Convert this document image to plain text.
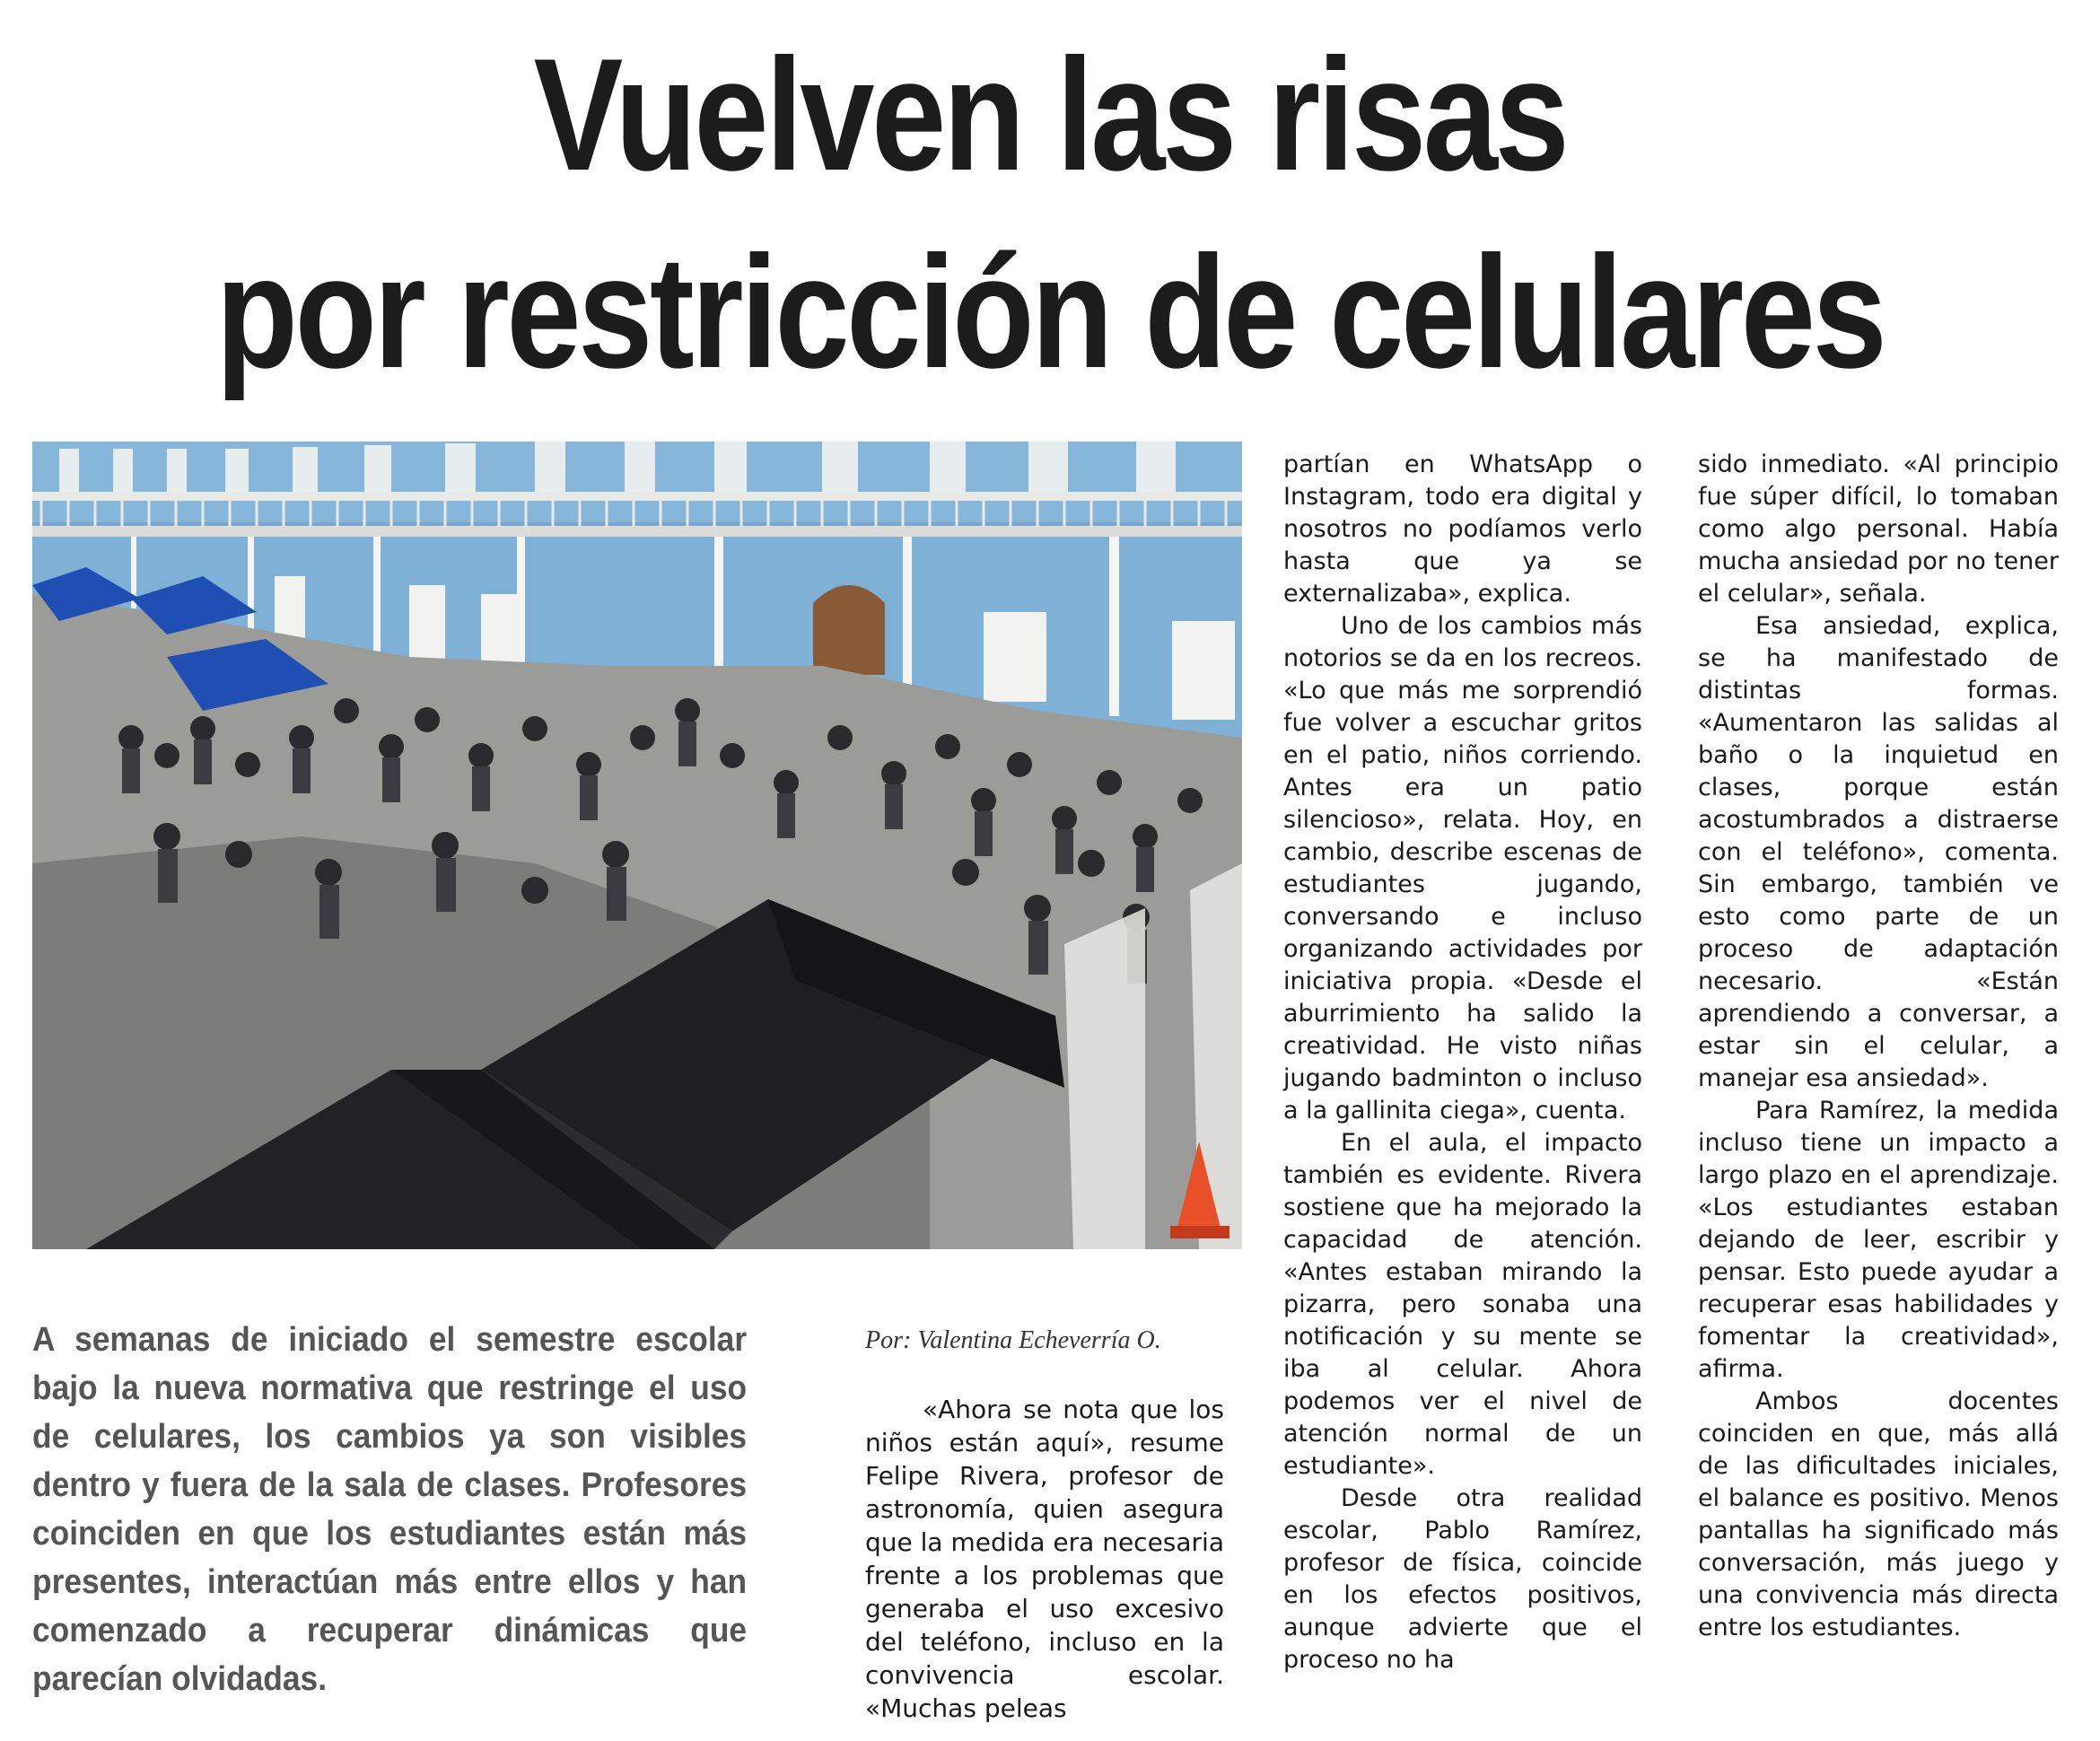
Vuelven las risas
por restricción de celulares

A semanas de iniciado el semestre escolar bajo la nueva normativa que restringe el uso de celulares, los cambios ya son visibles dentro y fuera de la sala de clases. Profesores coinciden en que los estudiantes están más presentes, interactúan más entre ellos y han comenzado a recuperar dinámicas que parecían olvidadas.

Por: Valentina Echeverría O.

«Ahora se nota que los niños están aquí», resume Felipe Rivera, profesor de astronomía, quien asegura que la medida era necesaria frente a los problemas que generaba el uso excesivo del teléfono, incluso en la convivencia escolar. «Muchas peleas

partían en WhatsApp o Instagram, todo era digital y nosotros no podíamos verlo hasta que ya se externalizaba», explica.

Uno de los cambios más notorios se da en los recreos. «Lo que más me sorprendió fue volver a escuchar gritos en el patio, niños corriendo. Antes era un patio silencioso», relata. Hoy, en cambio, describe escenas de estudiantes jugando, conversando e incluso organizando actividades por iniciativa propia. «Desde el aburrimiento ha salido la creatividad. He visto niñas jugando badminton o incluso a la gallinita ciega», cuenta.

En el aula, el impacto también es evidente. Rivera sostiene que ha mejorado la capacidad de atención. «Antes estaban mirando la pizarra, pero sonaba una notificación y su mente se iba al celular. Ahora podemos ver el nivel de atención normal de un estudiante».

Desde otra realidad escolar, Pablo Ramírez, profesor de física, coincide en los efectos positivos, aunque advierte que el proceso no ha

sido inmediato. «Al principio fue súper difícil, lo tomaban como algo personal. Había mucha ansiedad por no tener el celular», señala.

Esa ansiedad, explica, se ha manifestado de distintas formas. «Aumentaron las salidas al baño o la inquietud en clases, porque están acostumbrados a distraerse con el teléfono», comenta. Sin embargo, también ve esto como parte de un proceso de adaptación necesario. «Están aprendiendo a conversar, a estar sin el celular, a manejar esa ansiedad».

Para Ramírez, la medida incluso tiene un impacto a largo plazo en el aprendizaje. «Los estudiantes estaban dejando de leer, escribir y pensar. Esto puede ayudar a recuperar esas habilidades y fomentar la creatividad», afirma.

Ambos docentes coinciden en que, más allá de las dificultades iniciales, el balance es positivo. Menos pantallas ha significado más conversación, más juego y una convivencia más directa entre los estudiantes.
